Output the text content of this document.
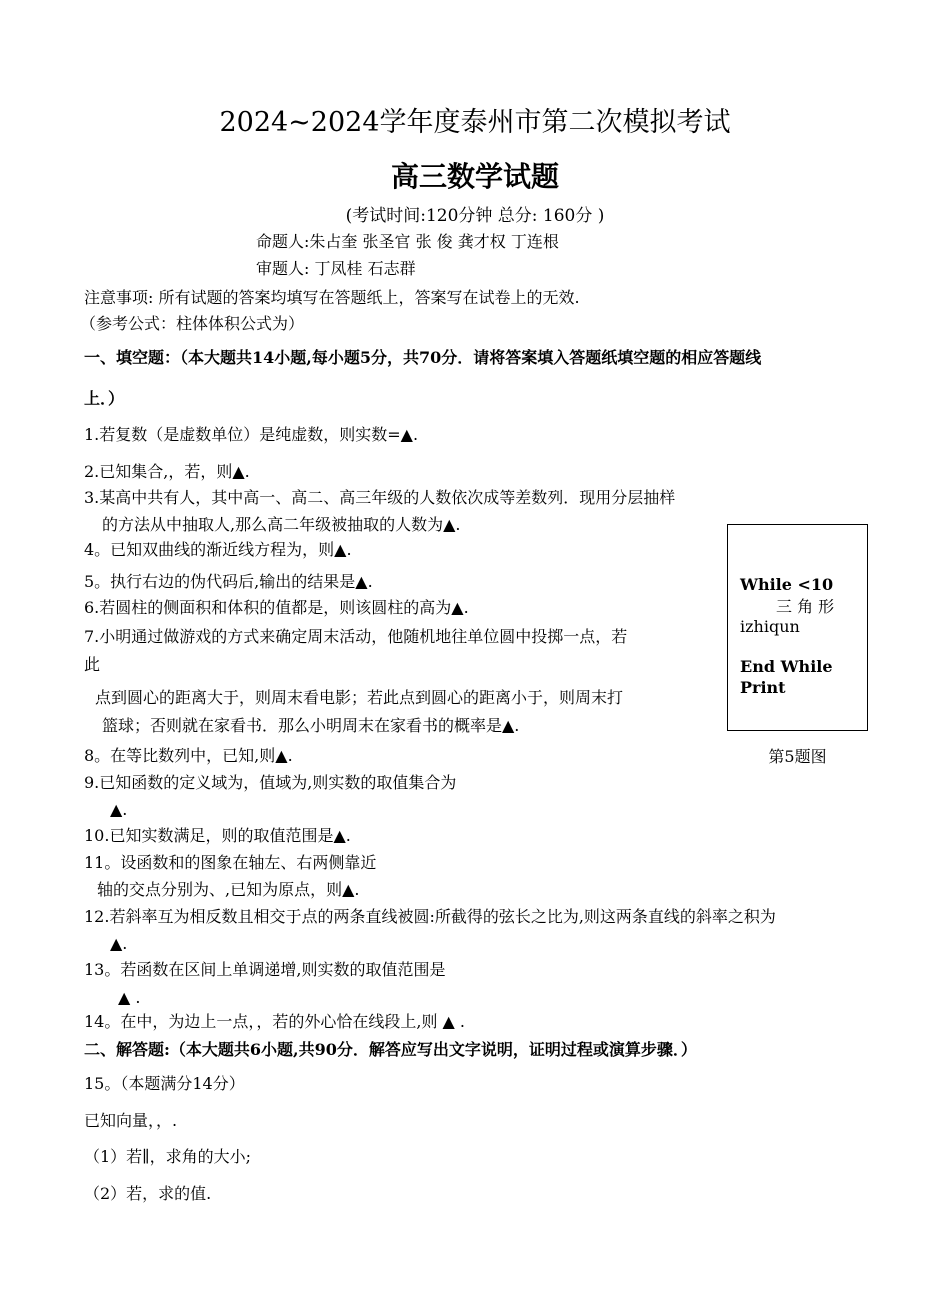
2024~2024学年度泰州市第二次模拟考试
高三数学试题
(考试时间:120分钟 总分: 160分 )
命题人:朱占奎 张圣官 张 俊 龚才权 丁连根
审题人: 丁凤桂 石志群
注意事项: 所有试题的答案均填写在答题纸上，答案写在试卷上的无效.
（参考公式：柱体体积公式为）
一、填空题：（本大题共14小题,每小题5分，共70分．请将答案填入答题纸填空题的相应答题线
上．）
1.若复数（是虚数单位）是纯虚数，则实数=▲.
2.已知集合,，若，则▲.
3.某高中共有人，其中高一、高二、高三年级的人数依次成等差数列．现用分层抽样
的方法从中抽取人,那么高二年级被抽取的人数为▲.
4。已知双曲线的渐近线方程为，则▲.
5。执行右边的伪代码后,输出的结果是▲.
6.若圆柱的侧面积和体积的值都是，则该圆柱的高为▲.
7.小明通过做游戏的方式来确定周末活动，他随机地往单位圆中投掷一点，若
此
点到圆心的距离大于，则周末看电影；若此点到圆心的距离小于，则周末打
篮球；否则就在家看书．那么小明周末在家看书的概率是▲.
8。在等比数列中，已知,则▲.
9.已知函数的定义域为，值域为,则实数的取值集合为
▲.
10.已知实数满足，则的取值范围是▲.
11。设函数和的图象在轴左、右两侧靠近
轴的交点分别为、,已知为原点，则▲.
12.若斜率互为相反数且相交于点的两条直线被圆:所截得的弦长之比为,则这两条直线的斜率之积为
▲.
13。若函数在区间上单调递增,则实数的取值范围是
▲ .
14。在中，为边上一点，，若的外心恰在线段上,则 ▲ .
二、解答题:（本大题共6小题,共90分．解答应写出文字说明，证明过程或演算步骤．）
15。（本题满分14分）
已知向量，，.
（1）若∥，求角的大小;
（2）若，求的值.
While <10
三 角 形
izhiqun
End While
Print
第5题图
